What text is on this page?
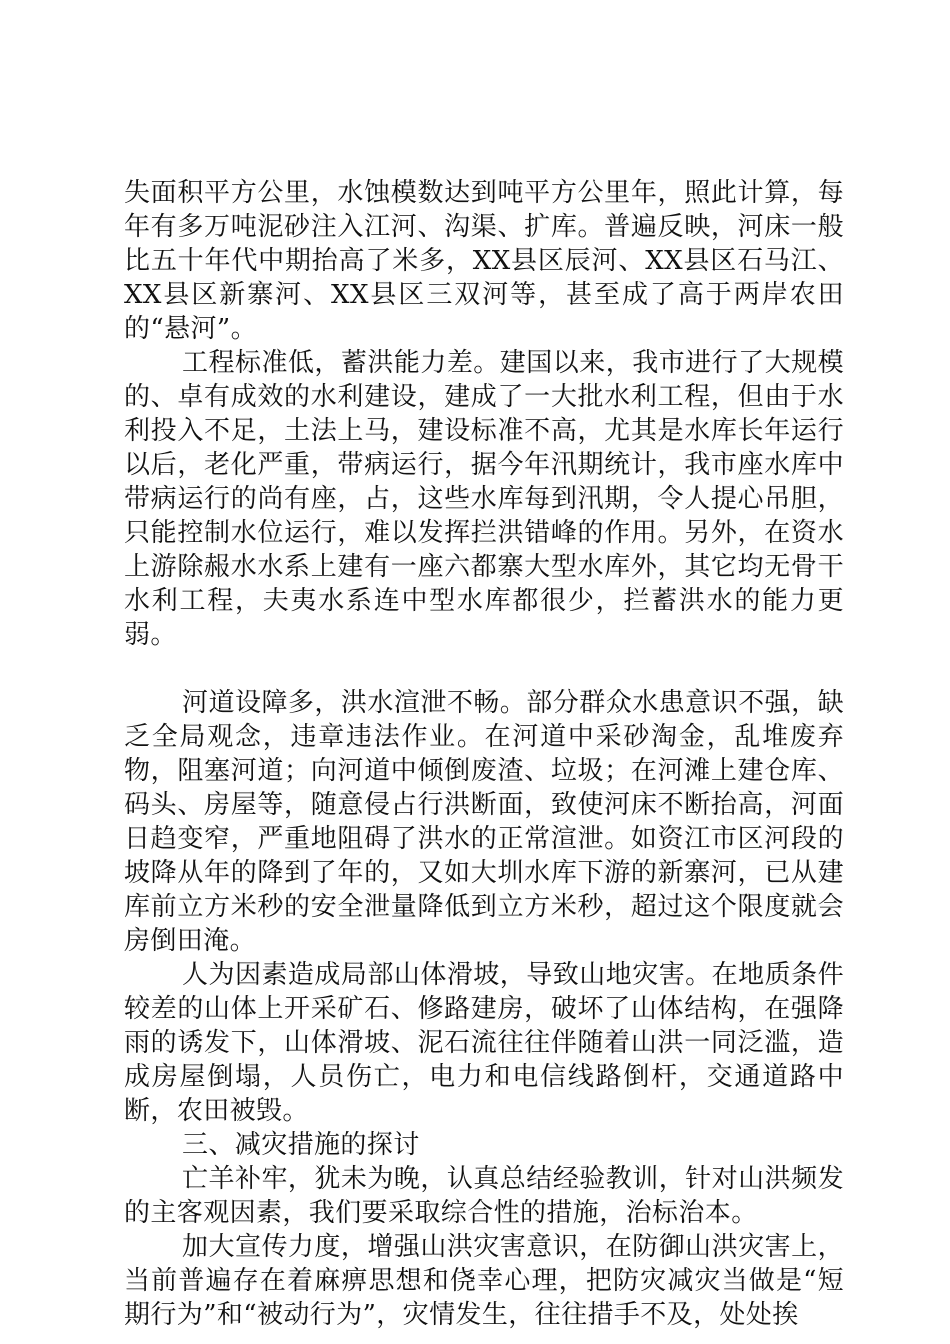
失面积平方公里，水蚀模数达到吨平方公里年，照此计算，每年有多万吨泥砂注入江河、沟渠、扩库。普遍反映，河床一般比五十年代中期抬高了米多，XX县区辰河、XX县区石马江、XX县区新寨河、XX县区三双河等，甚至成了高于两岸农田的“悬河”。

工程标准低，蓄洪能力差。建国以来，我市进行了大规模的、卓有成效的水利建设，建成了一大批水利工程，但由于水利投入不足，土法上马，建设标准不高，尤其是水库长年运行以后，老化严重，带病运行，据今年汛期统计，我市座水库中带病运行的尚有座，占，这些水库每到汛期，令人提心吊胆，只能控制水位运行，难以发挥拦洪错峰的作用。另外，在资水上游除赧水水系上建有一座六都寨大型水库外，其它均无骨干水利工程，夫夷水系连中型水库都很少，拦蓄洪水的能力更弱。

河道设障多，洪水渲泄不畅。部分群众水患意识不强，缺乏全局观念，违章违法作业。在河道中采砂淘金，乱堆废弃物，阻塞河道；向河道中倾倒废渣、垃圾；在河滩上建仓库、码头、房屋等，随意侵占行洪断面，致使河床不断抬高，河面日趋变窄，严重地阻碍了洪水的正常渲泄。如资江市区河段的坡降从年的降到了年的，又如大圳水库下游的新寨河，已从建库前立方米秒的安全泄量降低到立方米秒，超过这个限度就会房倒田淹。

人为因素造成局部山体滑坡，导致山地灾害。在地质条件较差的山体上开采矿石、修路建房，破坏了山体结构，在强降雨的诱发下，山体滑坡、泥石流往往伴随着山洪一同泛滥，造成房屋倒塌，人员伤亡，电力和电信线路倒杆，交通道路中断，农田被毁。

三、减灾措施的探讨

亡羊补牢，犹未为晚，认真总结经验教训，针对山洪频发的主客观因素，我们要采取综合性的措施，治标治本。

加大宣传力度，增强山洪灾害意识，在防御山洪灾害上，当前普遍存在着麻痹思想和侥幸心理，把防灾减灾当做是“短期行为”和“被动行为”，灾情发生，往往措手不及，处处挨
